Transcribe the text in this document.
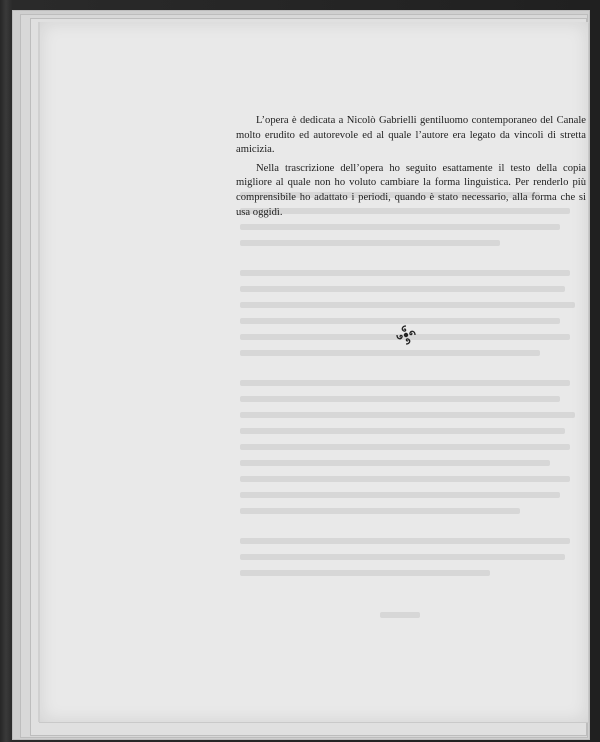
L’opera è dedicata a Nicolò Gabrielli gentiluomo contemporaneo del Canale molto erudito ed autorevole ed al quale l’autore era legato da vincoli di stretta amicizia.

Nella trascrizione dell’opera ho seguito esattamente il testo della copia migliore al quale non ho voluto cambiare la forma linguistica. Per renderlo più comprensibile ho adattato i periodi, quando è stato necessario, alla forma che si usa oggidì.
